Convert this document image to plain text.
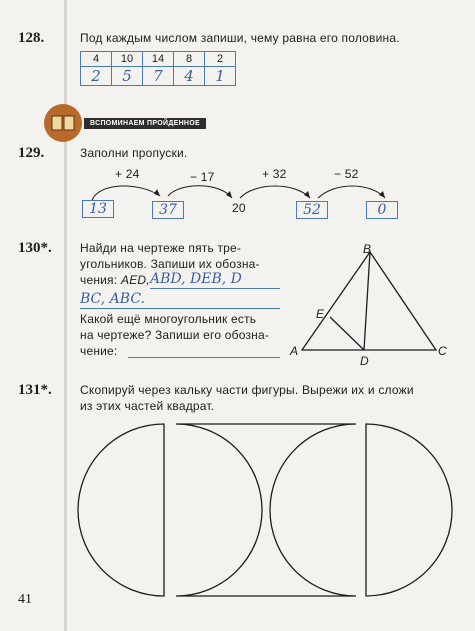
128.	Под каждым числом запиши, чему равна его половина.
4	10	14	8	2
2	5	7	4	1
ВСПОМИНАЕМ ПРОЙДЕННОЕ
129.	Заполни пропуски.
+ 24	− 17	+ 32	− 52
13	37	20	52	0
130*. Найди на чертеже пять тре-
угольников. Запиши их обозна-
чения: AED, ABD, DEB, D
BC, ABC.
Какой ещё многоугольник есть
на чертеже? Запиши его обозна-
чение:
B
E
A
D
C
131*. Скопируй через кальку части фигуры. Вырежи их и сложи
из этих частей квадрат.
41
